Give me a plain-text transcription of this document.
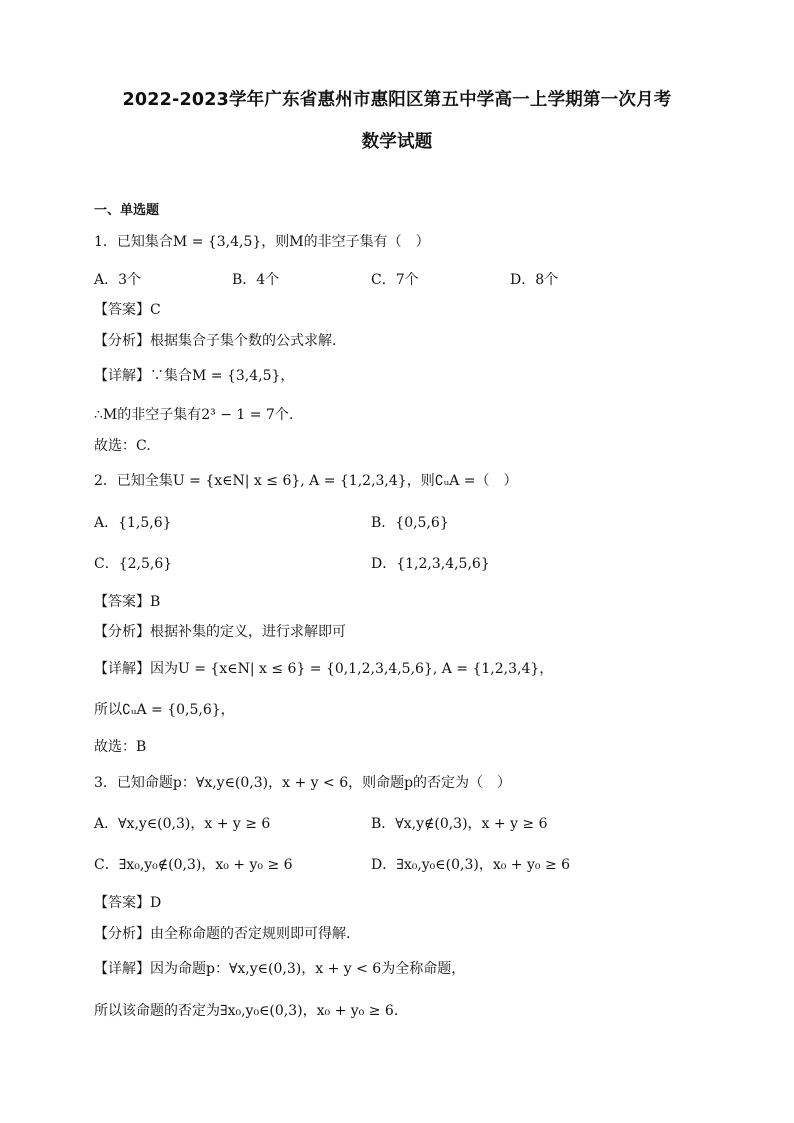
2022-2023学年广东省惠州市惠阳区第五中学高一上学期第一次月考
数学试题
一、单选题
1．已知集合M = {3,4,5}，则M的非空子集有（　）
A．3个	B．4个	C．7个	D．8个
【答案】C
【分析】根据集合子集个数的公式求解.
【详解】∵集合M = {3,4,5}，
∴M的非空子集有2³ − 1 = 7个.
故选：C.
2．已知全集U = {x∈N| x ≤ 6}, A = {1,2,3,4}，则∁ᵤA =（　）
A．{1,5,6}	B．{0,5,6}
C．{2,5,6}	D．{1,2,3,4,5,6}
【答案】B
【分析】根据补集的定义，进行求解即可
【详解】因为U = {x∈N| x ≤ 6} = {0,1,2,3,4,5,6}, A = {1,2,3,4}，
所以∁ᵤA = {0,5,6}，
故选：B
3．已知命题p：∀x,y∈(0,3)，x + y < 6，则命题p的否定为（　）
A．∀x,y∈(0,3)，x + y ≥ 6	B．∀x,y∉(0,3)，x + y ≥ 6
C．∃x₀,y₀∉(0,3)，x₀ + y₀ ≥ 6	D．∃x₀,y₀∈(0,3)，x₀ + y₀ ≥ 6
【答案】D
【分析】由全称命题的否定规则即可得解.
【详解】因为命题p：∀x,y∈(0,3)，x + y < 6为全称命题，
所以该命题的否定为∃x₀,y₀∈(0,3)，x₀ + y₀ ≥ 6.
